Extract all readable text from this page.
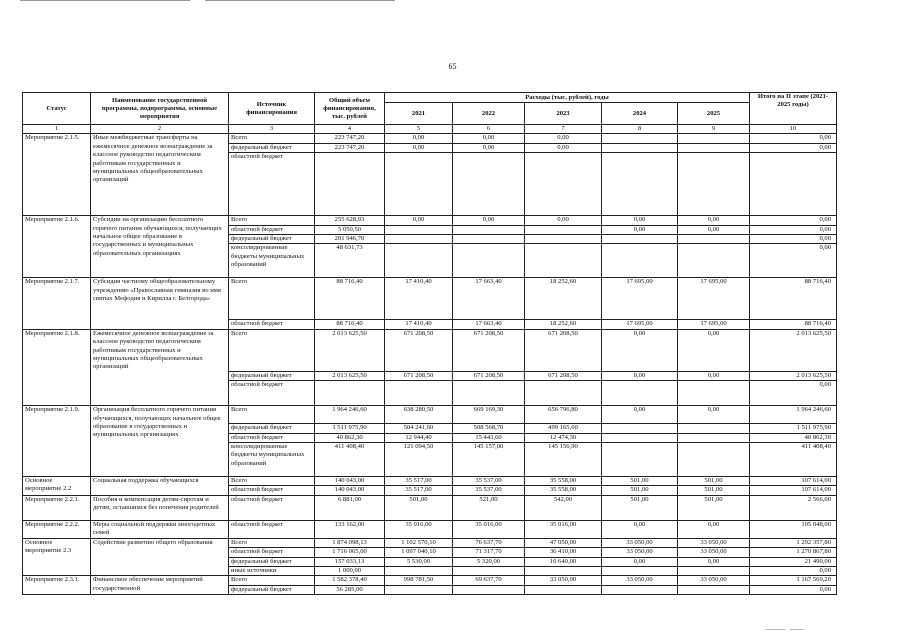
65
Статус	Наименование государственной программы, подпрограммы, основные мероприятия	Источник финансирования	Общий объем финансирования, тыс. рублей	Расходы (тыс. рублей), годы					Итого на II этапе (2021-2025 годы)
				2021	2022	2023	2024	2025	
1	2	3	4	5	6	7	8	9	10
Мероприятие 2.1.5.	Иные межбюджетные трансферты на ежемесячное денежное вознаграждение за классное руководство педагогическим работникам государственных и муниципальных общеобразовательных организаций	Всего	223 747,20	0,00	0,00	0,00			0,00
		федеральный бюджет	223 747,20	0,00	0,00	0,00			0,00
		областной бюджет							
Мероприятие 2.1.6.	Субсидии на организацию бесплатного горячего питания обучающихся, получающих начальное общее образование в государственных и муниципальных образовательных организациях	Всего	255 628,93	0,00	0,00	0,00	0,00	0,00	0,00
		областной бюджет	5 050,50				0,00	0,00	0,00
		федеральный бюджет	201 946,70						0,00
		консолидированные бюджеты муниципальных образований	48 631,73						0,00
Мероприятие 2.1.7.	Субсидия частному общеобразовательному учреждению «Православная гимназия во имя святых Мефодия и Кирилла г. Белгорода»	Всего	88 716,40	17 410,40	17 663,40	18 252,60	17 695,00	17 695,00	88 716,40
		областной бюджет	88 716,40	17 410,40	17 663,40	18 252,60	17 695,00	17 695,00	88 716,40
Мероприятие 2.1.8.	Ежемесячное денежное вознаграждение за классное руководство педагогическим работникам государственных и муниципальных общеобразовательных организаций	Всего	2 013 625,50	671 208,50	671 208,50	671 208,50	0,00	0,00	2 013 625,50
		федеральный бюджет	2 013 625,50	671 208,50	671 208,50	671 208,50	0,00	0,00	2 013 625,50
		областной бюджет							0,00
Мероприятие 2.1.9.	Организация бесплатного горячего питания обучающихся, получающих начальное общее образование в государственных и муниципальных организациях	Всего	1 964 246,60	638 280,50	669 169,30	656 796,80	0,00	0,00	1 964 246,60
		федеральный бюджет	1 511 975,90	504 241,60	508 568,70	499 165,60			1 511 975,90
		областной бюджет	40 862,30	12 944,40	15 443,60	12 474,30			40 862,30
		консолидированные бюджеты муниципальных образований	411 408,40	121 094,50	145 157,00	145 156,90			411 408,40
Основное мероприятие 2.2	Социальная поддержка обучающихся	Всего	140 043,00	35 517,00	35 537,00	35 558,00	501,00	501,00	107 614,00
		областной бюджет	140 043,00	35 517,00	35 537,00	35 558,00	501,00	501,00	107 614,00
Мероприятие 2.2.1.	Пособия и компенсация детям-сиротам и детям, оставшимся без попечения родителей	областной бюджет	6 881,00	501,00	521,00	542,00	501,00	501,00	2 566,00
Мероприятие 2.2.2.	Меры социальной поддержки многодетных семей	областной бюджет	133 162,00	35 016,00	35 016,00	35 016,00	0,00	0,00	105 048,00
Основное мероприятие 2.3	Содействие развитию общего образования	Всего	1 874 098,13	1 102 570,10	76 637,70	47 050,00	33 050,00	33 050,00	1 292 357,80
		областной бюджет	1 716 065,00	1 097 040,10	71 317,70	36 410,00	33 050,00	33 050,00	1 270 867,80
		федеральный бюджет	157 033,13	5 530,00	5 320,00	10 640,00	0,00	0,00	21 490,00
		иные источники	1 000,00						0,00
Мероприятие 2.3.1.	Финансовое обеспечение мероприятий государственной	Всего	1 582 378,40	998 781,50	69 637,70	33 050,00	33 050,00	33 050,00	1 167 569,20
		федеральный бюджет	56 285,00						0,00
